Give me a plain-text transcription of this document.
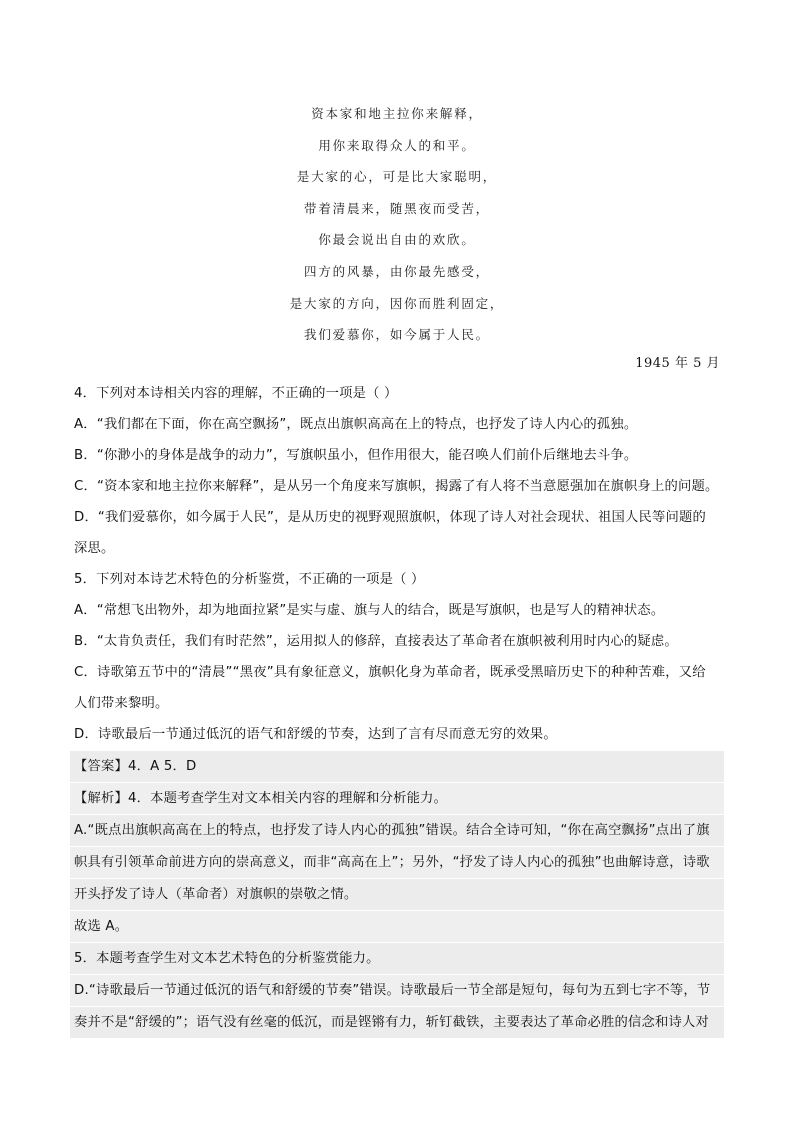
资本家和地主拉你来解释，
用你来取得众人的和平。
是大家的心，可是比大家聪明，
带着清晨来，随黑夜而受苦，
你最会说出自由的欢欣。
四方的风暴，由你最先感受，
是大家的方向，因你而胜利固定，
我们爱慕你，如今属于人民。
1945 年 5 月
4．下列对本诗相关内容的理解，不正确的一项是（ ）
A．“我们都在下面，你在高空飘扬”，既点出旗帜高高在上的特点，也抒发了诗人内心的孤独。
B．“你渺小的身体是战争的动力”，写旗帜虽小，但作用很大，能召唤人们前仆后继地去斗争。
C．“资本家和地主拉你来解释”，是从另一个角度来写旗帜，揭露了有人将不当意愿强加在旗帜身上的问题。
D．“我们爱慕你，如今属于人民”，是从历史的视野观照旗帜，体现了诗人对社会现状、祖国人民等问题的
深思。
5．下列对本诗艺术特色的分析鉴赏，不正确的一项是（ ）
A．“常想飞出物外，却为地面拉紧”是实与虚、旗与人的结合，既是写旗帜，也是写人的精神状态。
B．“太肯负责任，我们有时茫然”，运用拟人的修辞，直接表达了革命者在旗帜被利用时内心的疑虑。
C．诗歌第五节中的“清晨”“黑夜”具有象征意义，旗帜化身为革命者，既承受黑暗历史下的种种苦难，又给
人们带来黎明。
D．诗歌最后一节通过低沉的语气和舒缓的节奏，达到了言有尽而意无穷的效果。
【答案】4．A 5．D
【解析】4．本题考查学生对文本相关内容的理解和分析能力。
A.“既点出旗帜高高在上的特点，也抒发了诗人内心的孤独”错误。结合全诗可知，“你在高空飘扬”点出了旗
帜具有引领革命前进方向的崇高意义，而非“高高在上”；另外，“抒发了诗人内心的孤独”也曲解诗意，诗歌
开头抒发了诗人（革命者）对旗帜的崇敬之情。
故选 A。
5．本题考查学生对文本艺术特色的分析鉴赏能力。
D.“诗歌最后一节通过低沉的语气和舒缓的节奏”错误。诗歌最后一节全部是短句，每句为五到七字不等，节
奏并不是“舒缓的”；语气没有丝毫的低沉，而是铿锵有力，斩钉截铁，主要表达了革命必胜的信念和诗人对
